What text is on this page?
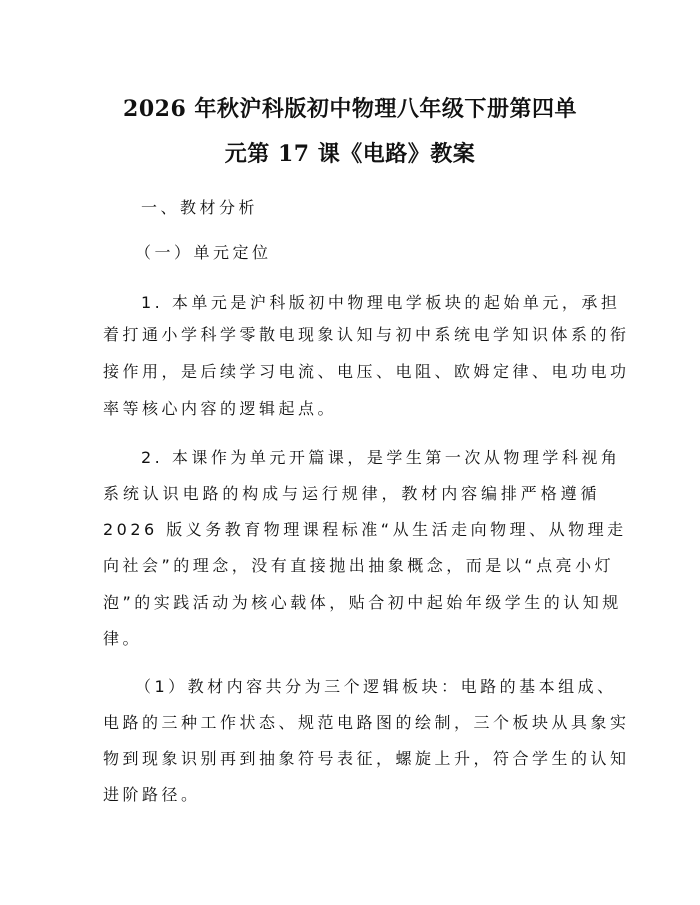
2026 年秋沪科版初中物理八年级下册第四单
元第 17 课《电路》教案
一、教材分析
（一）单元定位
1. 本单元是沪科版初中物理电学板块的起始单元，承担
着打通小学科学零散电现象认知与初中系统电学知识体系的衔
接作用，是后续学习电流、电压、电阻、欧姆定律、电功电功
率等核心内容的逻辑起点。
2. 本课作为单元开篇课，是学生第一次从物理学科视角
系统认识电路的构成与运行规律，教材内容编排严格遵循
2026 版义务教育物理课程标准“从生活走向物理、从物理走
向社会”的理念，没有直接抛出抽象概念，而是以“点亮小灯
泡”的实践活动为核心载体，贴合初中起始年级学生的认知规
律。
（1）教材内容共分为三个逻辑板块：电路的基本组成、
电路的三种工作状态、规范电路图的绘制，三个板块从具象实
物到现象识别再到抽象符号表征，螺旋上升，符合学生的认知
进阶路径。
